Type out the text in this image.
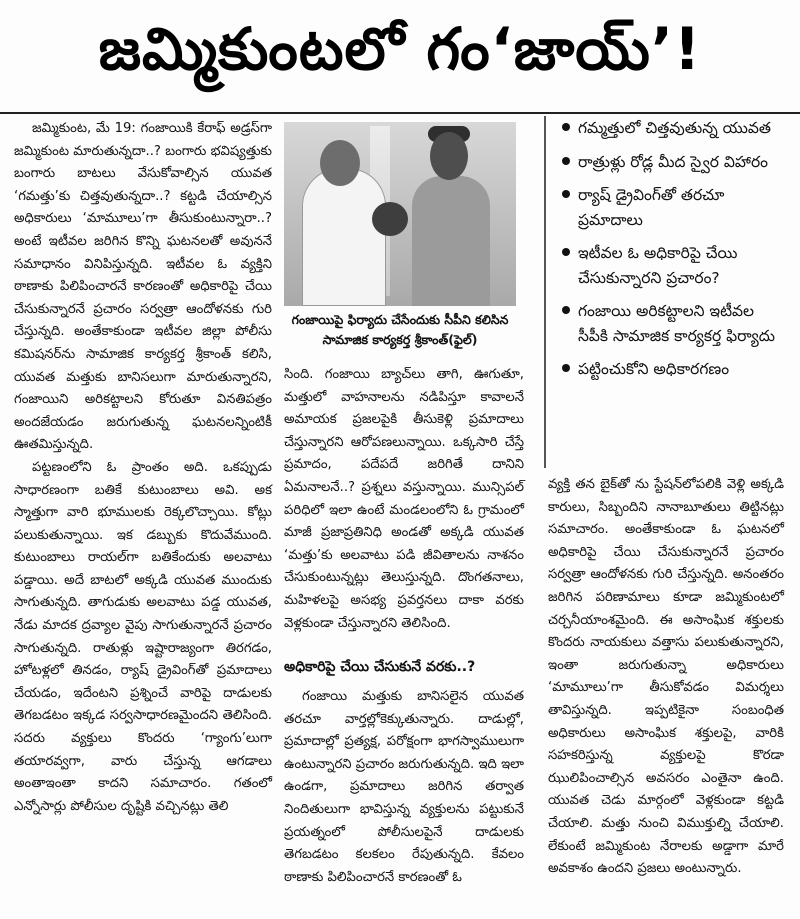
జమ్మికుంటలో గం‘జాయ్’!

జమ్మికుంట, మే 19: గంజాయికి కేరాఫ్ అడ్రస్‌గా జమ్మికుంట మారుతున్నదా..? బంగారు భవిష్యత్తుకు బంగారు బాటలు వేసుకోవాల్సిన యువత ‘గమత్తు’కు చిత్తవుతున్నదా..? కట్టడి చేయాల్సిన అధికారులు ‘మామూలు’గా తీసుకుంటున్నారా..? అంటే ఇటీవల జరిగిన కొన్ని ఘటనలతో అవుననే సమాధానం వినిపిస్తున్నది. ఇటీవల ఓ వ్యక్తిని ఠాణాకు పిలిపించారనే కారణంతో అధికారిపై చేయి చేసుకున్నారనే ప్రచారం సర్వత్రా ఆందోళనకు గురి చేస్తున్నది. అంతేకాకుండా ఇటీవల జిల్లా పోలీసు కమిషనర్‌ను సామాజిక కార్యకర్త శ్రీకాంత్ కలిసి, యువత మత్తుకు బానిసలుగా మారుతున్నారని, గంజాయిని అరికట్టాలని కోరుతూ వినతిపత్రం అందజేయడం జరుగుతున్న ఘటనలన్నింటికీ ఊతమిస్తున్నది.

పట్టణంలోని ఓ ప్రాంతం అది. ఒకప్పుడు సాధారణంగా బతికే కుటుంబాలు అవి. అక స్మాత్తుగా వారి భూములకు రెక్కలొచ్చాయి. కోట్లు పలుకుతున్నాయి. ఇక డబ్బుకు కొదువేముంది. కుటుంబాలు రాయల్‌గా బతికేందుకు అలవాటు పడ్డాయి. అదే బాటలో అక్కడి యువత ముందుకు సాగుతున్నది. తాగుడుకు అలవాటు పడ్డ యువత, నేడు మాదక ద్రవ్యాల వైపు సాగుతున్నారనే ప్రచారం సాగుతున్నది. రాతుళ్లు ఇష్టారాజ్యంగా తిరగడం, హోటళ్లలో తినడం, ర్యాష్ డ్రైవింగ్‌తో ప్రమాదాలు చేయడం, ఇదేంటని ప్రశ్నించే వారిపై దాడులకు తెగబడటం ఇక్కడ సర్వసాధారణమైందని తెలిసింది. సదరు వ్యక్తులు కొందరు ‘గ్యాంగు’లుగా తయారవ్వగా, వారు చేస్తున్న ఆగడాలు అంతాఇంతా కాదని సమాచారం. గతంలో ఎన్నోసార్లు పోలీసుల దృష్టికి వచ్చినట్లు తెలి

గంజాయిపై ఫిర్యాదు చేసేందుకు సీపీని కలిసిన సామాజిక కార్యకర్త శ్రీకాంత్(ఫైల్)

సింది. గంజాయి బ్యాచ్‌లు తాగి, ఊగుతూ, మత్తులో వాహనాలను నడిపిస్తూ కావాలనే అమాయక ప్రజలపైకి తీసుకెళ్లి ప్రమాదాలు చేస్తున్నారని ఆరోపణలున్నాయి. ఒక్కసారి చేస్తే ప్రమాదం, పదేపదే జరిగితే దానిని ఏమనాలనే..? ప్రశ్నలు వస్తున్నాయి. మున్సిపల్ పరిధిలో ఇలా ఉంటే మండలంలోని ఓ గ్రామంలో మాజీ ప్రజాప్రతినిధి అండతో అక్కడి యువత ‘మత్తు’కు అలవాటు పడి జీవితాలను నాశనం చేసుకుంటున్నట్లు తెలుస్తున్నది. దొంగతనాలు, మహిళలపై అసభ్య ప్రవర్తనలు దాకా వరకు వెళ్లకుండా చేస్తున్నారని తెలిసింది.

అధికారిపై చేయి చేసుకునే వరకు..?

గంజాయి మత్తుకు బానిసలైన యువత తరచూ వార్తల్లోకెక్కుతున్నారు. దాడుల్లో, ప్రమాదాల్లో ప్రత్యక్ష, పరోక్షంగా భాగస్వాములుగా ఉంటున్నారని ప్రచారం జరుగుతున్నది. ఇది ఇలా ఉండగా, ప్రమాదాలు జరిగిన తర్వాత నిందితులుగా భావిస్తున్న వ్యక్తులను పట్టుకునే ప్రయత్నంలో పోలీసులపైనే దాడులకు తెగబడటం కలకలం రేపుతున్నది. కేవలం ఠాణాకు పిలిపించారనే కారణంతో ఓ

గమ్మత్తులో చిత్తవుతున్న యువత
రాత్రుళ్లు రోడ్ల మీద స్వైర విహారం
ర్యాష్ డ్రైవింగ్‌తో తరచూ ప్రమాదాలు
ఇటీవల ఓ అధికారిపై చేయి చేసుకున్నారని ప్రచారం?
గంజాయి అరికట్టాలని ఇటీవల సీపీకి సామాజిక కార్యకర్త ఫిర్యాదు
పట్టించుకోని అధికారగణం

వ్యక్తి తన బైక్‌తో ను స్టేషన్‌లోపలికి వెళ్లి అక్కడి కారులు, సిబ్బందిని నానాబూతులు తిట్టినట్లు సమాచారం. అంతేకాకుండా ఓ ఘటనలో అధికారిపై చేయి చేసుకున్నారనే ప్రచారం సర్వత్రా ఆందోళనకు గురి చేస్తున్నది. అనంతరం జరిగిన పరిణామాలు కూడా జమ్మికుంటలో చర్చనీయాంశమైంది. ఈ అసాంఘిక శక్తులకు కొందరు నాయకులు వత్తాసు పలుకుతున్నారని, ఇంతా జరుగుతున్నా అధికారులు ‘మామూలు’గా తీసుకోవడం విమర్శలు తావిస్తున్నది. ఇప్పటికైనా సంబంధిత అధికారులు అసాంఘిక శక్తులపై, వారికి సహకరిస్తున్న వ్యక్తులపై కొరడా ఝులిపించాల్సిన అవసరం ఎంతైనా ఉంది. యువత చెడు మార్గంలో వెళ్లకుండా కట్టడి చేయాలి. మత్తు నుంచి విముక్తుల్ని చేయాలి. లేకుంటే జమ్మికుంట నేరాలకు అడ్డాగా మారే అవకాశం ఉందని ప్రజలు అంటున్నారు.
